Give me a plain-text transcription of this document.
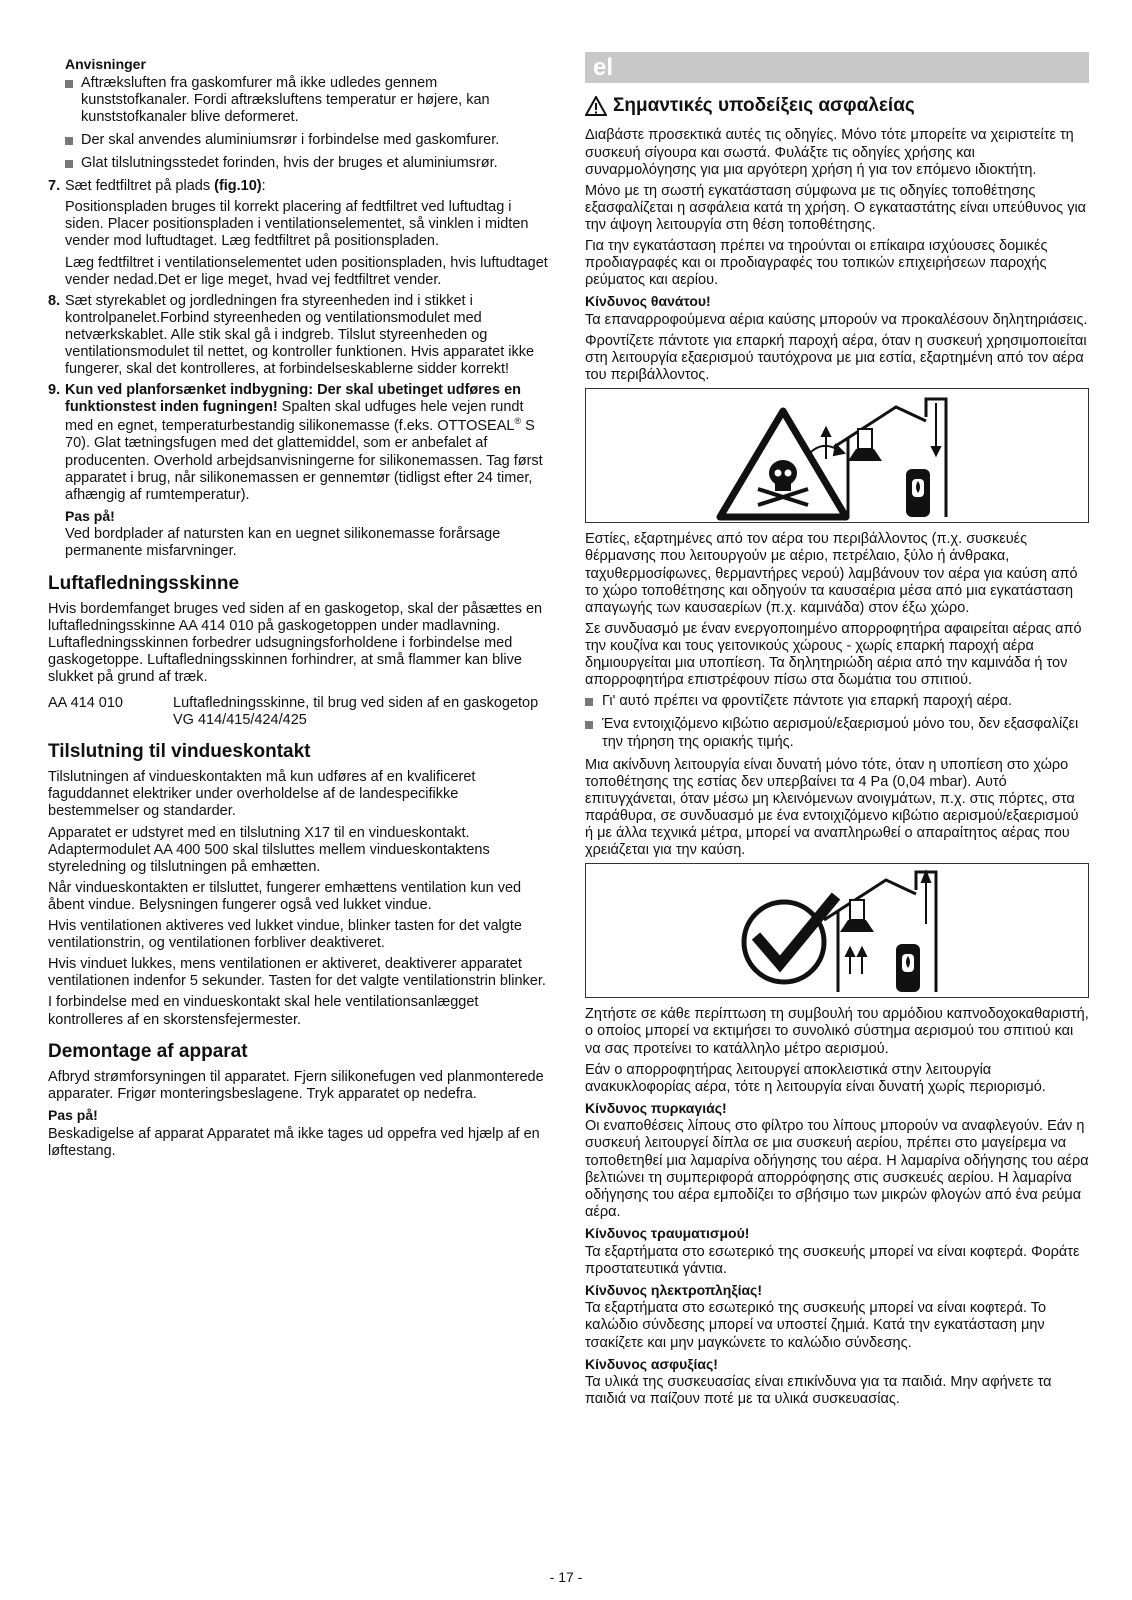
Anvisninger

Aftræksluften fra gaskomfurer må ikke udledes gennem kunststofkanaler. Fordi aftræksluftens temperatur er højere, kan kunststofkanaler blive deformeret.
Der skal anvendes aluminiumsrør i forbindelse med gaskomfurer.
Glat tilslutningsstedet forinden, hvis der bruges et aluminiumsrør.
7. Sæt fedtfiltret på plads (fig.10):

Positionspladen bruges til korrekt placering af fedtfiltret ved luftudtag i siden. Placer positionspladen i ventilationselementet, så vinklen i midten vender mod luftudtaget. Læg fedtfiltret på positionspladen.

Læg fedtfiltret i ventilationselementet uden positionspladen, hvis luftudtaget vender nedad.Det er lige meget, hvad vej fedtfiltret vender.

8. Sæt styrekablet og jordledningen fra styreenheden ind i stikket i kontrolpanelet.Forbind styreenheden og ventilationsmodulet med netværkskablet. Alle stik skal gå i indgreb. Tilslut styreenheden og ventilationsmodulet til nettet, og kontroller funktionen. Hvis apparatet ikke fungerer, skal det kontrolleres, at forbindelseskablerne sidder korrekt!

9. Kun ved planforsænket indbygning: Der skal ubetinget udføres en funktionstest inden fugningen! Spalten skal udfuges hele vejen rundt med en egnet, temperaturbestandig silikonemasse (f.eks. OTTOSEAL® S 70). Glat tætningsfugen med det glattemiddel, som er anbefalet af producenten. Overhold arbejdsanvisningerne for silikonemassen. Tag først apparatet i brug, når silikonemassen er gennemtør (tidligst efter 24 timer, afhængig af rumtemperatur).

Pas på!

Ved bordplader af natursten kan en uegnet silikonemasse forårsage permanente misfarvninger.

Luftafledningsskinne

Hvis bordemfanget bruges ved siden af en gaskogetop, skal der påsættes en luftafledningsskinne AA 414 010 på gaskogetoppen under madlavning. Luftafledningsskinnen forbedrer udsugningsforholdene i forbindelse med gaskogetoppe. Luftafledningsskinnen forhindrer, at små flammer kan blive slukket på grund af træk.

AA 414 010	Luftafledningsskinne, til brug ved siden af en gaskogetop VG 414/415/424/425
Tilslutning til vindueskontakt

Tilslutningen af vindueskontakten må kun udføres af en kvalificeret faguddannet elektriker under overholdelse af de landespecifikke bestemmelser og standarder.

Apparatet er udstyret med en tilslutning X17 til en vindueskontakt. Adaptermodulet AA 400 500 skal tilsluttes mellem vindueskontaktens styreledning og tilslutningen på emhætten.

Når vindueskontakten er tilsluttet, fungerer emhættens ventilation kun ved åbent vindue. Belysningen fungerer også ved lukket vindue.

Hvis ventilationen aktiveres ved lukket vindue, blinker tasten for det valgte ventilationstrin, og ventilationen forbliver deaktiveret.

Hvis vinduet lukkes, mens ventilationen er aktiveret, deaktiverer apparatet ventilationen indenfor 5 sekunder. Tasten for det valgte ventilationstrin blinker.

I forbindelse med en vindueskontakt skal hele ventilationsanlægget kontrolleres af en skorstensfejermester.

Demontage af apparat

Afbryd strømforsyningen til apparatet. Fjern silikonefugen ved planmonterede apparater. Frigør monteringsbeslagene. Tryk apparatet op nedefra.

Pas på!

Beskadigelse af apparat Apparatet må ikke tages ud oppefra ved hjælp af en løftestang.

el
Σημαντικές υποδείξεις ασφαλείας

Διαβάστε προσεκτικά αυτές τις οδηγίες. Μόνο τότε μπορείτε να χειριστείτε τη συσκευή σίγουρα και σωστά. Φυλάξτε τις οδηγίες χρήσης και συναρμολόγησης για μια αργότερη χρήση ή για τον επόμενο ιδιοκτήτη.

Μόνο με τη σωστή εγκατάσταση σύμφωνα με τις οδηγίες τοποθέτησης εξασφαλίζεται η ασφάλεια κατά τη χρήση. Ο εγκαταστάτης είναι υπεύθυνος για την άψογη λειτουργία στη θέση τοποθέτησης.

Για την εγκατάσταση πρέπει να τηρούνται οι επίκαιρα ισχύουσες δομικές προδιαγραφές και οι προδιαγραφές του τοπικών επιχειρήσεων παροχής ρεύματος και αερίου.

Κίνδυνος θανάτου!

Τα επαναρροφούμενα αέρια καύσης μπορούν να προκαλέσουν δηλητηριάσεις.

Φροντίζετε πάντοτε για επαρκή παροχή αέρα, όταν η συσκευή χρησιμοποιείται στη λειτουργία εξαερισμού ταυτόχρονα με μια εστία, εξαρτημένη από τον αέρα του περιβάλλοντος.

Εστίες, εξαρτημένες από τον αέρα του περιβάλλοντος (π.χ. συσκευές θέρμανσης που λειτουργούν με αέριο, πετρέλαιο, ξύλο ή άνθρακα, ταχυθερμοσίφωνες, θερμαντήρες νερού) λαμβάνουν τον αέρα για καύση από το χώρο τοποθέτησης και οδηγούν τα καυσαέρια μέσα από μια εγκατάσταση απαγωγής των καυσαερίων (π.χ. καμινάδα) στον έξω χώρο.

Σε συνδυασμό με έναν ενεργοποιημένο απορροφητήρα αφαιρείται αέρας από την κουζίνα και τους γειτονικούς χώρους - χωρίς επαρκή παροχή αέρα δημιουργείται μια υποπίεση. Τα δηλητηριώδη αέρια από την καμινάδα ή τον απορροφητήρα επιστρέφουν πίσω στα δωμάτια του σπιτιού.

Γι' αυτό πρέπει να φροντίζετε πάντοτε για επαρκή παροχή αέρα.
Ένα εντοιχιζόμενο κιβώτιο αερισμού/εξαερισμού μόνο του, δεν εξασφαλίζει την τήρηση της οριακής τιμής.

Μια ακίνδυνη λειτουργία είναι δυνατή μόνο τότε, όταν η υποπίεση στο χώρο τοποθέτησης της εστίας δεν υπερβαίνει τα 4 Pa (0,04 mbar). Αυτό επιτυγχάνεται, όταν μέσω μη κλεινόμενων ανοιγμάτων, π.χ. στις πόρτες, στα παράθυρα, σε συνδυασμό με ένα εντοιχιζόμενο κιβώτιο αερισμού/εξαερισμού ή με άλλα τεχνικά μέτρα, μπορεί να αναπληρωθεί ο απαραίτητος αέρας που χρειάζεται για την καύση.

Ζητήστε σε κάθε περίπτωση τη συμβουλή του αρμόδιου καπνοδοχοκαθαριστή, ο οποίος μπορεί να εκτιμήσει το συνολικό σύστημα αερισμού του σπιτιού και να σας προτείνει το κατάλληλο μέτρο αερισμού.

Εάν ο απορροφητήρας λειτουργεί αποκλειστικά στην λειτουργία ανακυκλοφορίας αέρα, τότε η λειτουργία είναι δυνατή χωρίς περιορισμό.

Κίνδυνος πυρκαγιάς!

Οι εναποθέσεις λίπους στο φίλτρο του λίπους μπορούν να αναφλεγούν. Εάν η συσκευή λειτουργεί δίπλα σε μια συσκευή αερίου, πρέπει στο μαγείρεμα να τοποθετηθεί μια λαμαρίνα οδήγησης του αέρα. Η λαμαρίνα οδήγησης του αέρα βελτιώνει τη συμπεριφορά απορρόφησης στις συσκευές αερίου. Η λαμαρίνα οδήγησης του αέρα εμποδίζει το σβήσιμο των μικρών φλογών από ένα ρεύμα αέρα.

Κίνδυνος τραυματισμού!

Τα εξαρτήματα στο εσωτερικό της συσκευής μπορεί να είναι κοφτερά. Φοράτε προστατευτικά γάντια.

Κίνδυνος ηλεκτροπληξίας!

Τα εξαρτήματα στο εσωτερικό της συσκευής μπορεί να είναι κοφτερά. Το καλώδιο σύνδεσης μπορεί να υποστεί ζημιά. Κατά την εγκατάσταση μην τσακίζετε και μην μαγκώνετε το καλώδιο σύνδεσης.

Κίνδυνος ασφυξίας!

Τα υλικά της συσκευασίας είναι επικίνδυνα για τα παιδιά. Μην αφήνετε τα παιδιά να παίζουν ποτέ με τα υλικά συσκευασίας.

- 17 -
